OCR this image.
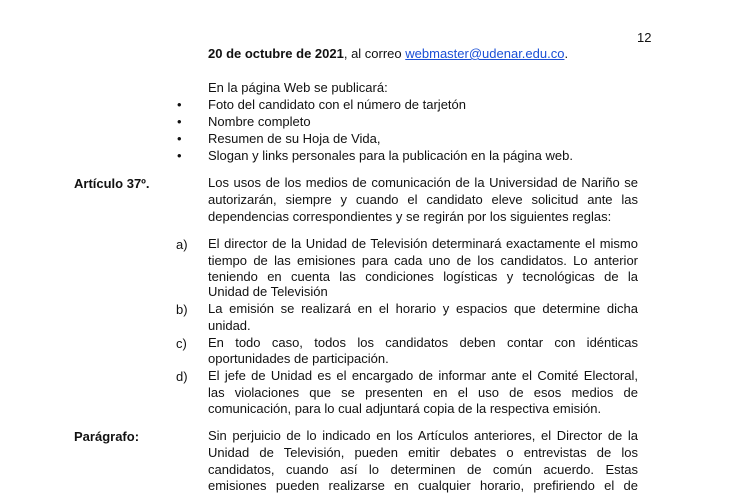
12
20 de octubre de 2021, al correo webmaster@udenar.edu.co.
En la página Web se publicará:
• Foto del candidato con el número de tarjetón
• Nombre completo
• Resumen de su Hoja de Vida,
• Slogan y links personales para la publicación en la página web.
Artículo 37º.	Los usos de los medios de comunicación de la Universidad de Nariño se
autorizarán, siempre y cuando el candidato eleve solicitud ante las
dependencias correspondientes y se regirán por los siguientes reglas:
a) El director de la Unidad de Televisión determinará exactamente el mismo
tiempo de las emisiones para cada uno de los candidatos. Lo anterior
teniendo en cuenta las condiciones logísticas y tecnológicas de la
Unidad de Televisión
b) La emisión se realizará en el horario y espacios que determine dicha
unidad.
c) En todo caso, todos los candidatos deben contar con idénticas
oportunidades de participación.
d) El jefe de Unidad es el encargado de informar ante el Comité Electoral,
las violaciones que se presenten en el uso de esos medios de
comunicación, para lo cual adjuntará copia de la respectiva emisión.
Parágrafo:	Sin perjuicio de lo indicado en los Artículos anteriores, el Director de la
Unidad de Televisión, pueden emitir debates o entrevistas de los
candidatos, cuando así lo determinen de común acuerdo. Estas
emisiones pueden realizarse en cualquier horario, prefiriendo el de
